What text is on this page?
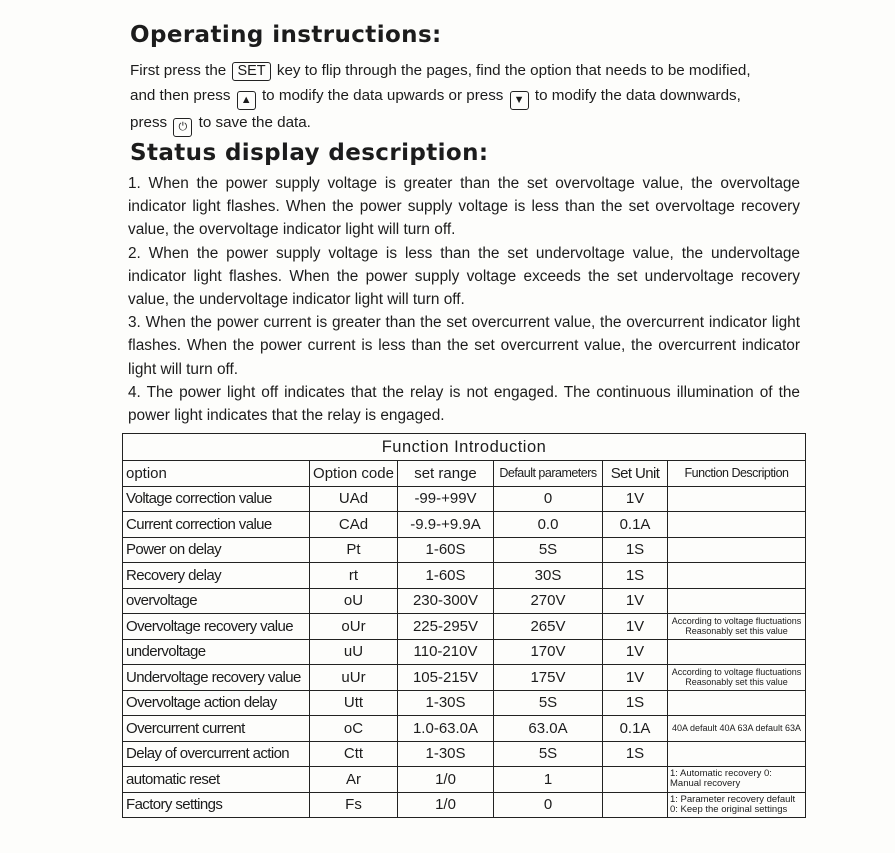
Operating instructions:
First press the SET key to flip through the pages, find the option that needs to be modified,
and then press ▲ to modify the data upwards or press ▼ to modify the data downwards,
press ⏻ to save the data.
Status display description:

1. When the power supply voltage is greater than the set overvoltage value, the overvoltage indicator light flashes. When the power supply voltage is less than the set overvoltage recovery value, the overvoltage indicator light will turn off.

2. When the power supply voltage is less than the set undervoltage value, the undervoltage indicator light flashes. When the power supply voltage exceeds the set undervoltage recovery value, the undervoltage indicator light will turn off.

3. When the power current is greater than the set overcurrent value, the overcurrent indicator light flashes. When the power current is less than the set overcurrent value, the overcurrent indicator light will turn off.

4. The power light off indicates that the relay is not engaged. The continuous illumination of the power light indicates that the relay is engaged.

Function Introduction					
option	Option code	set range	Default parameters	Set Unit	Function Description
Voltage correction value	UAd	-99-+99V	0	1V	
Current correction value	CAd	-9.9-+9.9A	0.0	0.1A	
Power on delay	Pt	1-60S	5S	1S	
Recovery delay	rt	1-60S	30S	1S	
overvoltage	oU	230-300V	270V	1V	
Overvoltage recovery value	oUr	225-295V	265V	1V	According to voltage fluctuations Reasonably set this value
undervoltage	uU	110-210V	170V	1V	
Undervoltage recovery value	uUr	105-215V	175V	1V	According to voltage fluctuations Reasonably set this value
Overvoltage action delay	Utt	1-30S	5S	1S	
Overcurrent current	oC	1.0-63.0A	63.0A	0.1A	40A default 40A 63A default 63A
Delay of overcurrent action	Ctt	1-30S	5S	1S	
automatic reset	Ar	1/0	1		1: Automatic recovery 0: Manual recovery
Factory settings	Fs	1/0	0		1: Parameter recovery default 0: Keep the original settings
